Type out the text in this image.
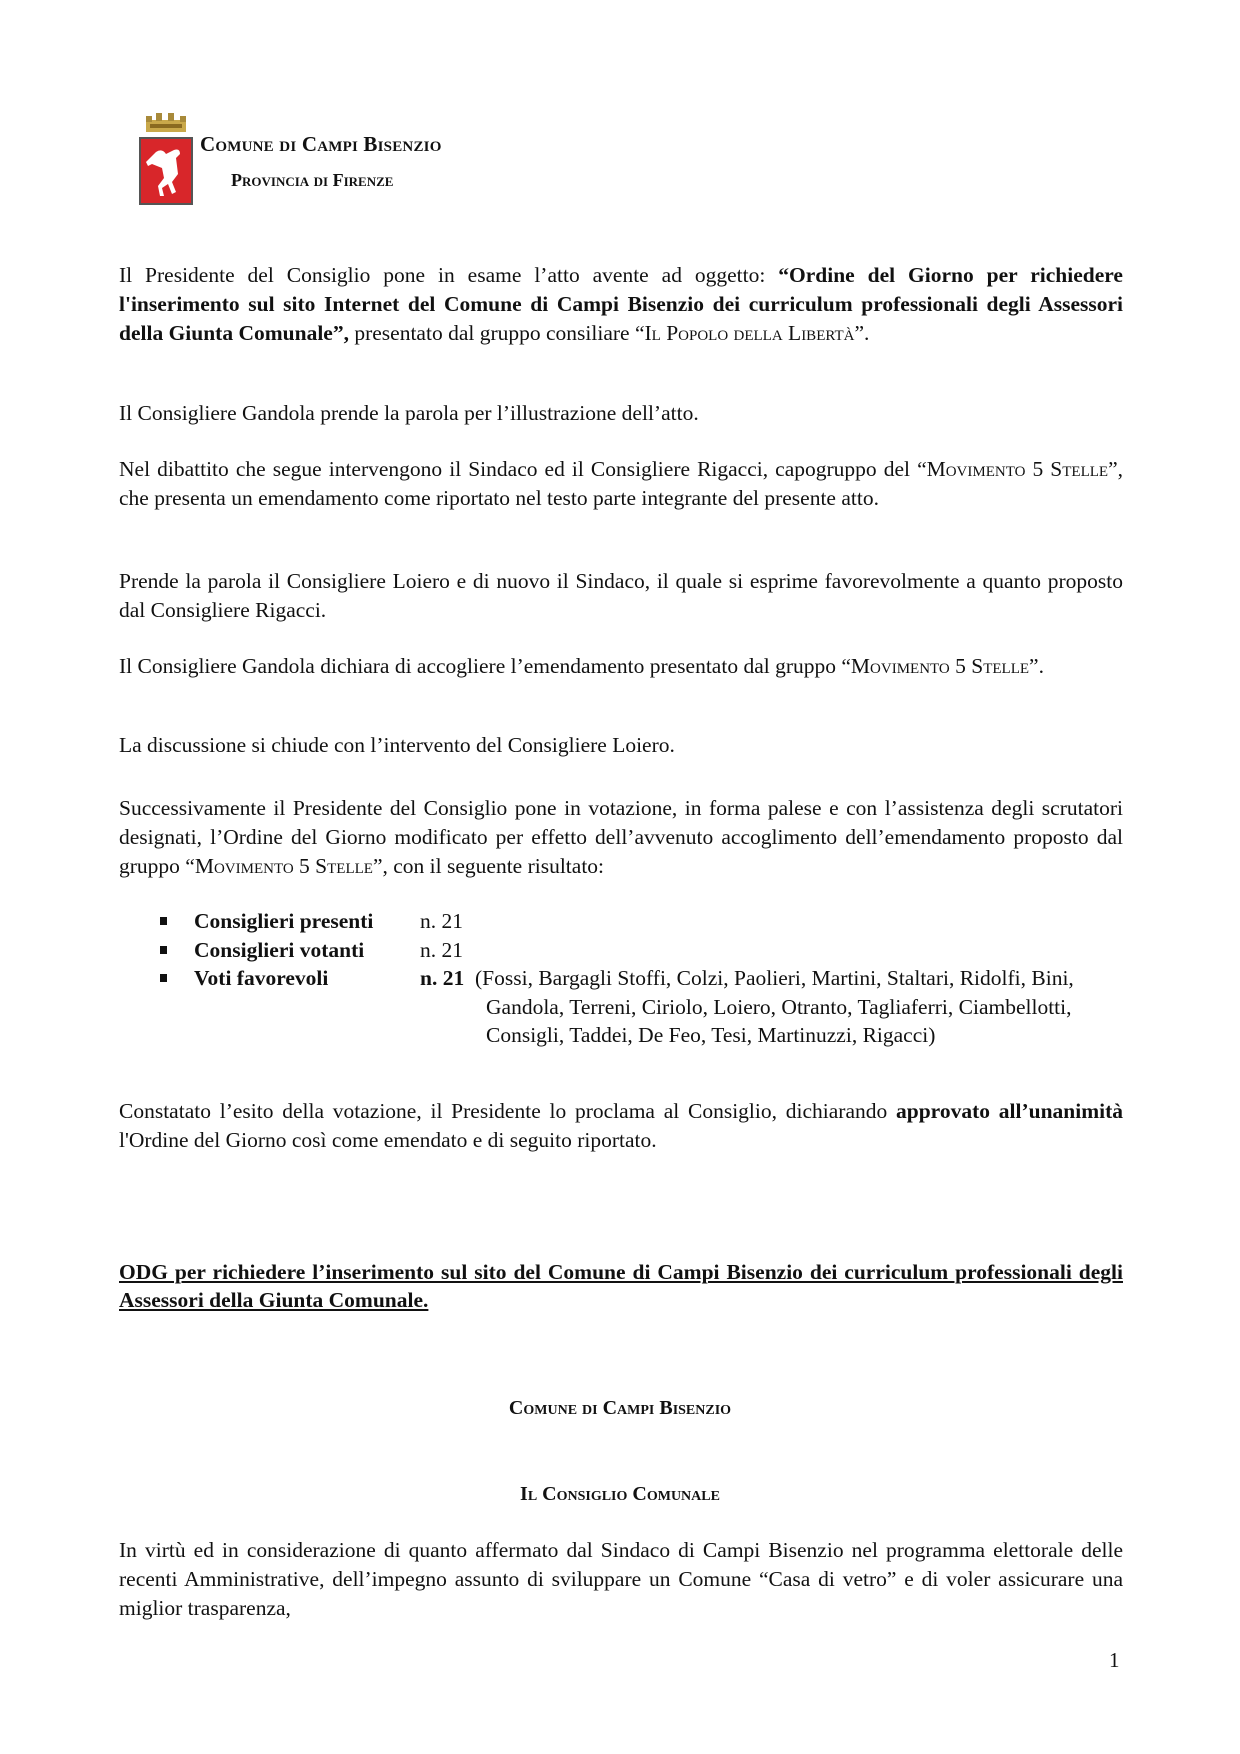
Comune di Campi Bisenzio
Provincia di Firenze
Il Presidente del Consiglio pone in esame l’atto avente ad oggetto: “Ordine del Giorno per richiedere l'inserimento sul sito Internet del Comune di Campi Bisenzio dei curriculum professionali degli Assessori della Giunta Comunale”, presentato dal gruppo consiliare “Il Popolo della Libertà”.
Il Consigliere Gandola prende la parola per l’illustrazione dell’atto.
Nel dibattito che segue intervengono il Sindaco ed il Consigliere Rigacci, capogruppo del “Movimento 5 Stelle”, che presenta un emendamento come riportato nel testo parte integrante del presente atto.
Prende la parola il Consigliere Loiero e di nuovo il Sindaco, il quale si esprime favorevolmente a quanto proposto dal Consigliere Rigacci.
Il Consigliere Gandola dichiara di accogliere l’emendamento presentato dal gruppo “Movimento 5 Stelle”.
La discussione si chiude con l’intervento del Consigliere Loiero.
Successivamente il Presidente del Consiglio pone in votazione, in forma palese e con l’assistenza degli scrutatori designati, l’Ordine del Giorno modificato per effetto dell’avvenuto accoglimento dell’emendamento proposto dal gruppo “Movimento 5 Stelle”, con il seguente risultato:
Consiglieri presenti n. 21
Consiglieri votanti	n. 21
Voti favorevoli	n. 21 (Fossi, Bargagli Stoffi, Colzi, Paolieri, Martini, Staltari, Ridolfi, Bini, Gandola, Terreni, Ciriolo, Loiero, Otranto, Tagliaferri, Ciambellotti, Consigli, Taddei, De Feo, Tesi, Martinuzzi, Rigacci)
Constatato l’esito della votazione, il Presidente lo proclama al Consiglio, dichiarando approvato all’unanimità l'Ordine del Giorno così come emendato e di seguito riportato.
ODG per richiedere l’inserimento sul sito del Comune di Campi Bisenzio dei curriculum professionali degli Assessori della Giunta Comunale.
Comune di Campi Bisenzio
Il Consiglio Comunale
In virtù ed in considerazione di quanto affermato dal Sindaco di Campi Bisenzio nel programma elettorale delle recenti Amministrative, dell’impegno assunto di sviluppare un Comune “Casa di vetro” e di voler assicurare una miglior trasparenza,
1
